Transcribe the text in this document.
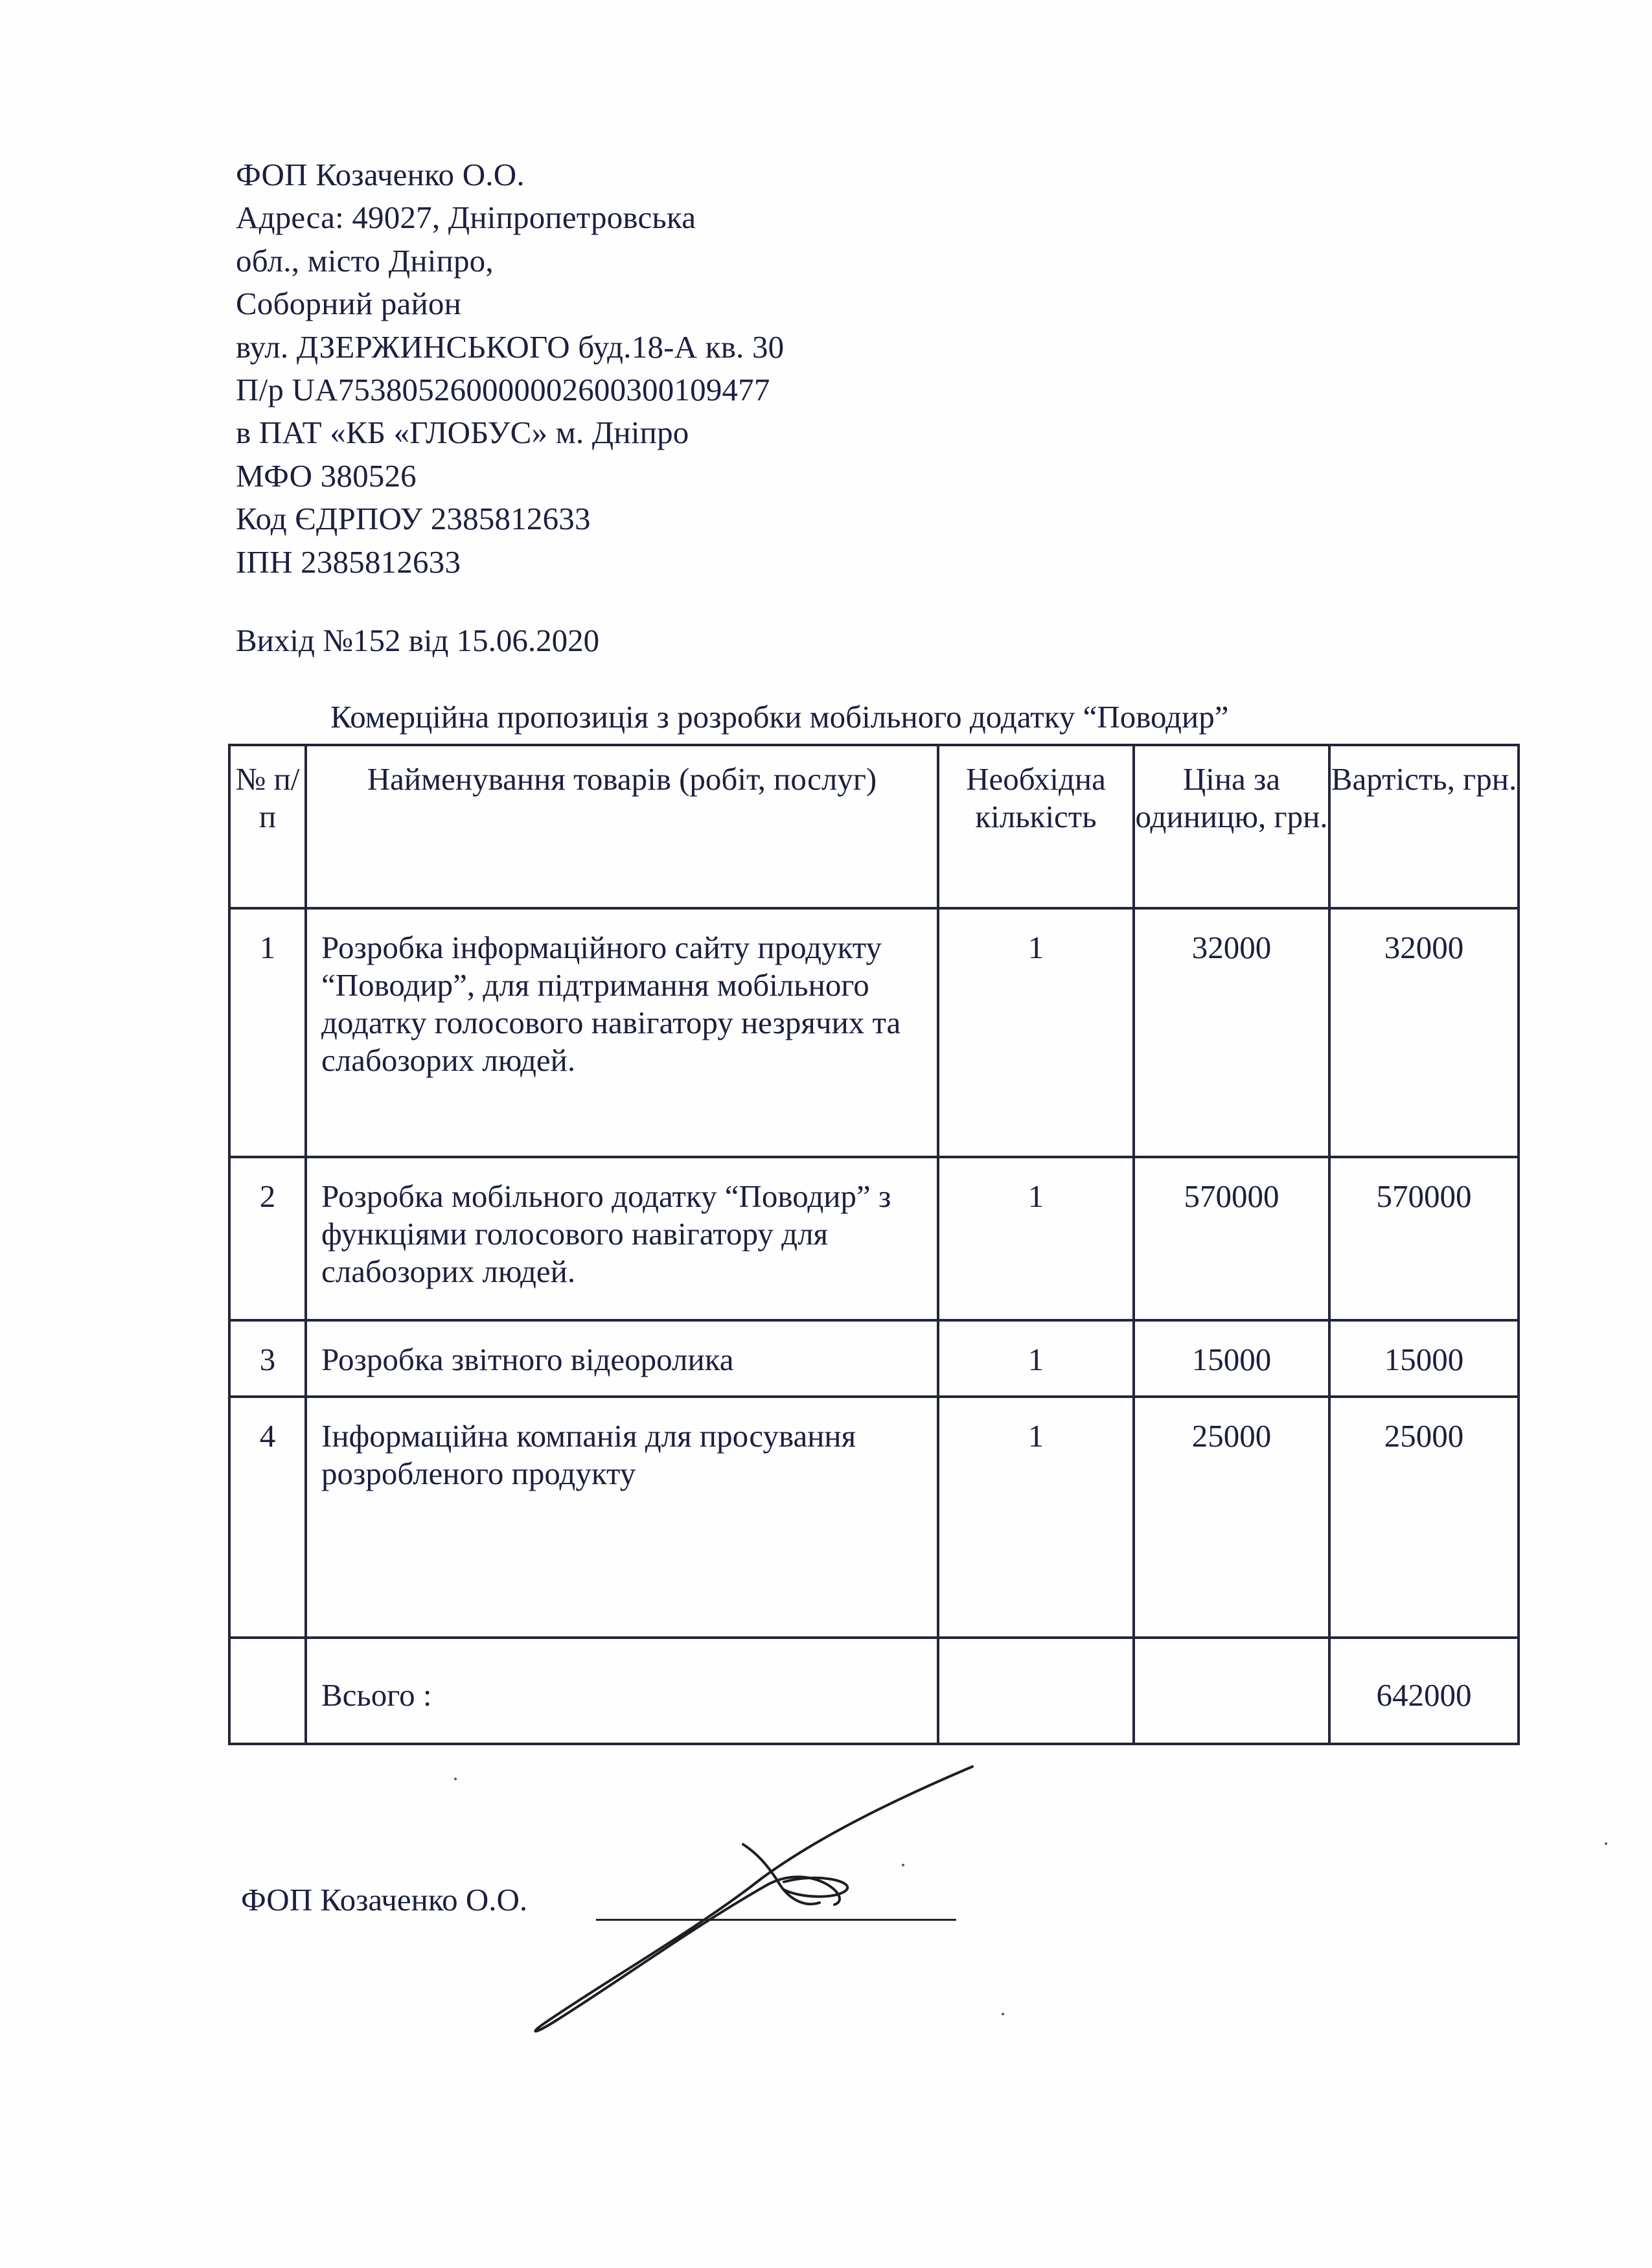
ФОП Козаченко О.О.
Адреса: 49027, Дніпропетровська
обл., місто Дніпро,
Соборний район
вул. ДЗЕРЖИНСЬКОГО буд.18-А кв. 30
П/р UA753805260000002600300109477
в ПАТ «КБ «ГЛОБУС» м. Дніпро
МФО 380526
Код ЄДРПОУ 2385812633
ІПН 2385812633
Вихід №152 від 15.06.2020
Комерційна пропозиція з розробки мобільного додатку “Поводир”
№ п/п	Найменування товарів (робіт, послуг)	Необхідна кількість	Ціна за одиницю, грн.	Вартість, грн.
1	Розробка інформаційного сайту продукту “Поводир”, для підтримання мобільного додатку голосового навігатору незрячих та слабозорих людей.	1	32000	32000
2	Розробка мобільного додатку “Поводир” з функціями голосового навігатору для слабозорих людей.	1	570000	570000
3	Розробка звітного відеоролика	1	15000	15000
4	Інформаційна компанія для просування розробленого продукту	1	25000	25000
	Всього :			642000
ФОП Козаченко О.О.
